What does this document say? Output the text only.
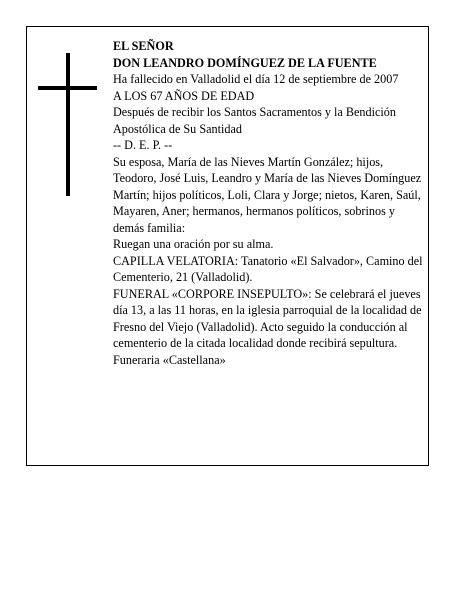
EL SEÑOR

DON LEANDRO DOMÍNGUEZ DE LA FUENTE

Ha fallecido en Valladolid el día 12 de septiembre de 2007

A LOS 67 AÑOS DE EDAD

Después de recibir los Santos Sacramentos y la Bendición Apostólica de Su Santidad

-- D. E. P. --

Su esposa, María de las Nieves Martín González; hijos, Teodoro, José Luis, Leandro y María de las Nieves Domínguez Martín; hijos políticos, Loli, Clara y Jorge; nietos, Karen, Saúl, Mayaren, Aner; hermanos, hermanos políticos, sobrinos y demás familia:

Ruegan una oración por su alma.

CAPILLA VELATORIA: Tanatorio «El Salvador», Camino del Cementerio, 21 (Valladolid).

FUNERAL «CORPORE INSEPULTO»: Se celebrará el jueves día 13, a las 11 horas, en la iglesia parroquial de la localidad de Fresno del Viejo (Valladolid). Acto seguido la conducción al cementerio de la citada localidad donde recibirá sepultura.

Funeraria «Castellana»
